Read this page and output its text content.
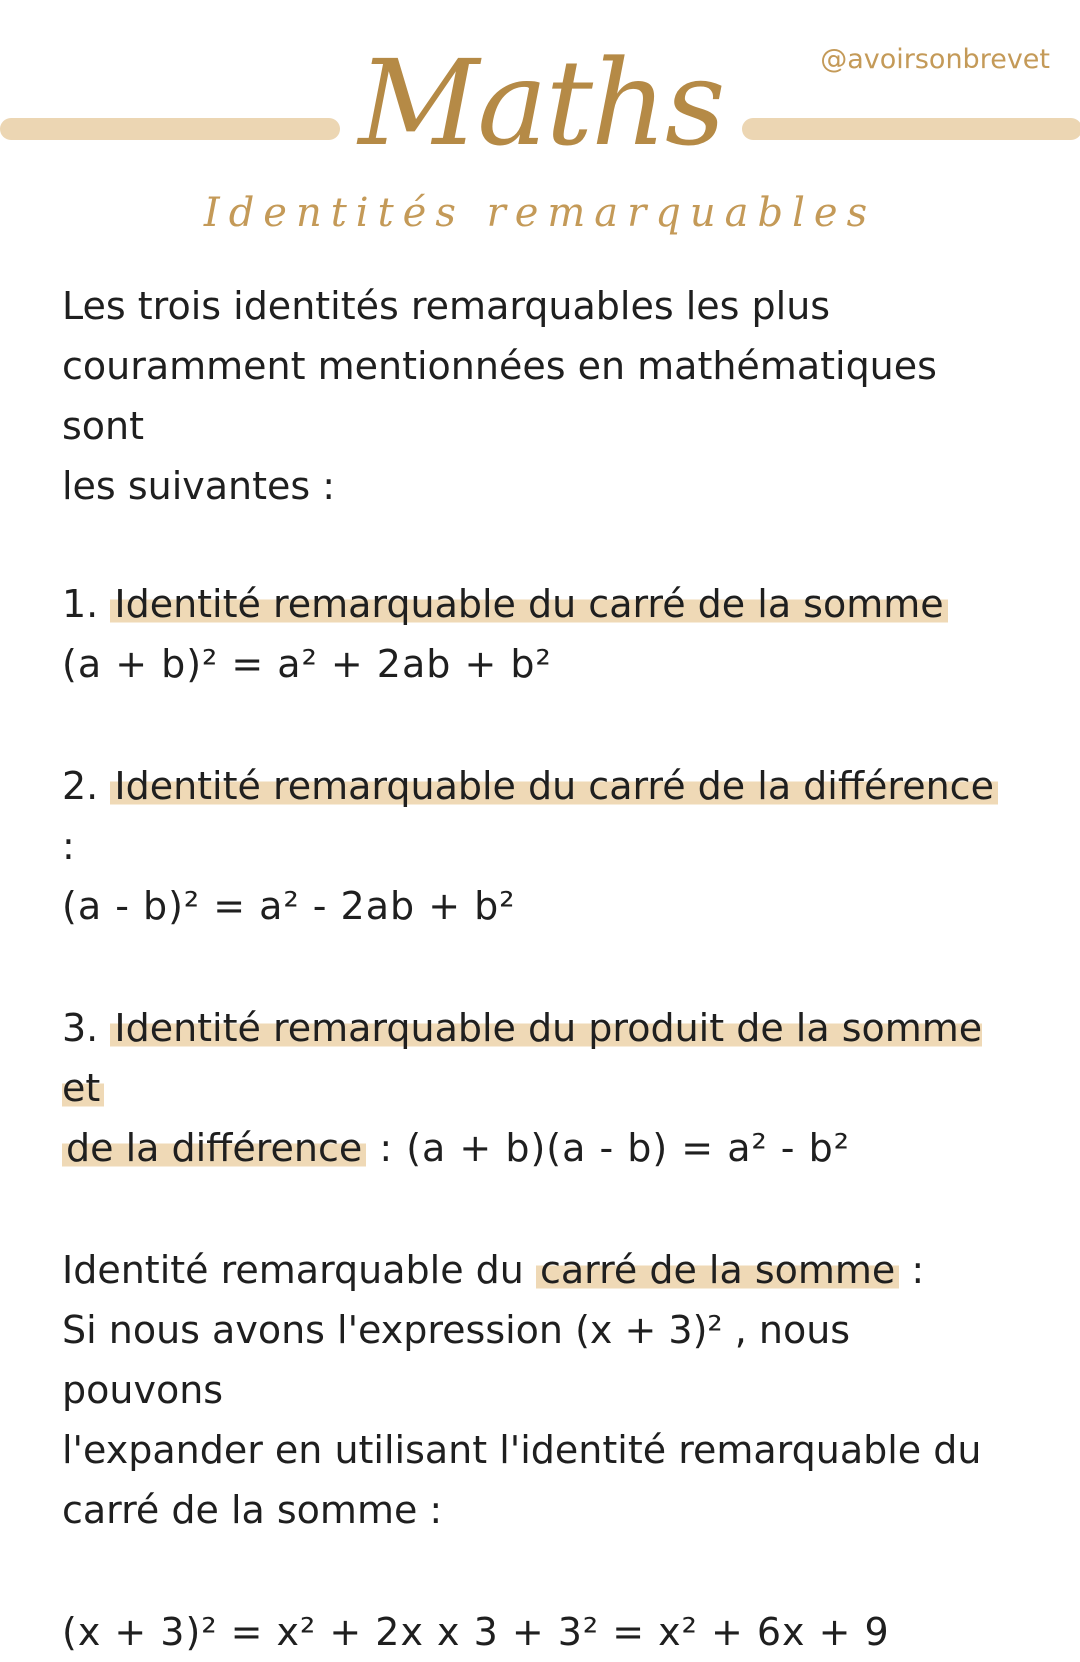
Maths	@avoirsonbrevet
Identités remarquables

Les trois identités remarquables les plus

couramment mentionnées en mathématiques sont

les suivantes :

1. Identité remarquable du carré de la somme

(a + b)² = a² + 2ab + b²

2. Identité remarquable du carré de la différence :

(a - b)² = a² - 2ab + b²

3. Identité remarquable du produit de la somme et

de la différence : (a + b)(a - b) = a² - b²

Identité remarquable du carré de la somme :

Si nous avons l'expression (x + 3)² , nous pouvons

l'expander en utilisant l'identité remarquable du

carré de la somme :

(x + 3)² = x² + 2x x 3 + 3² = x² + 6x + 9
